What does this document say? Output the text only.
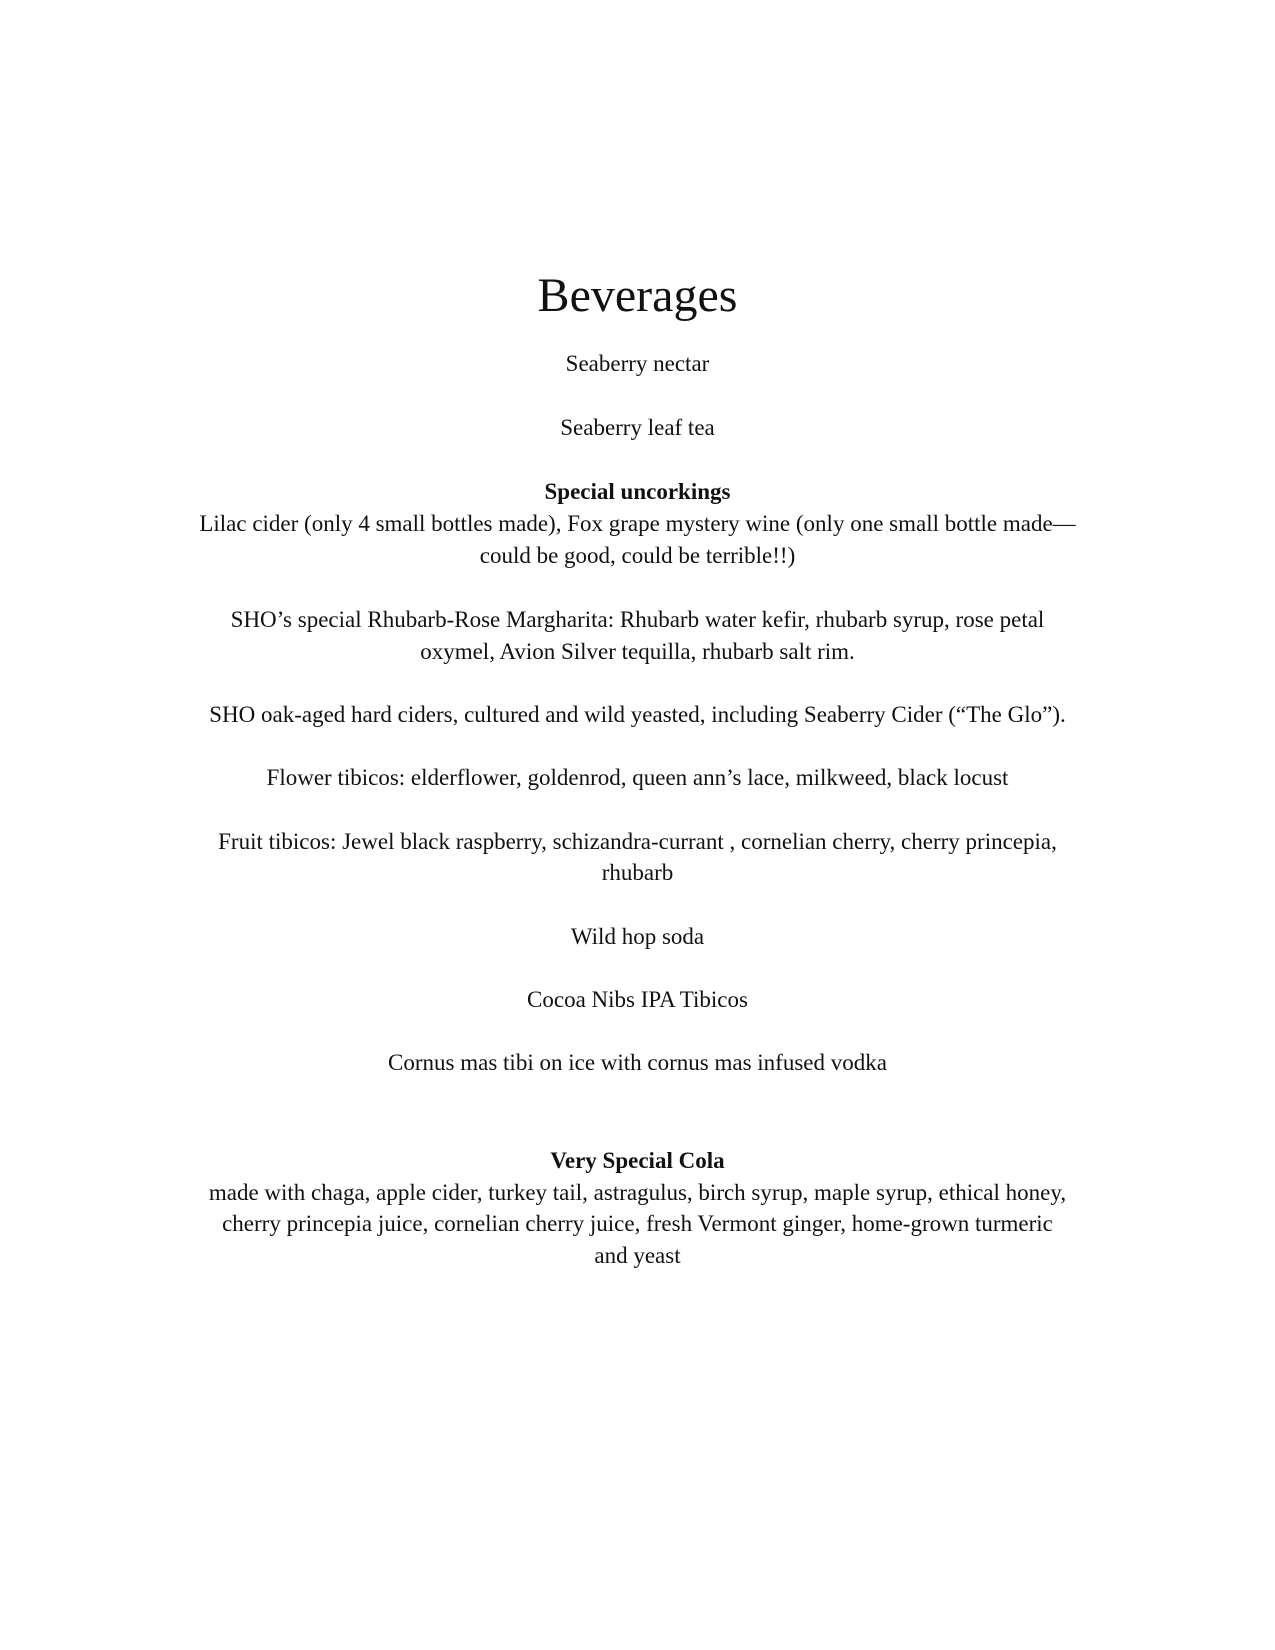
Beverages
Seaberry nectar
Seaberry leaf tea
Special uncorkings
Lilac cider (only 4 small bottles made), Fox grape mystery wine (only one small bottle made—
could be good, could be terrible!!)
SHO’s special Rhubarb-Rose Margharita: Rhubarb water kefir, rhubarb syrup, rose petal
oxymel, Avion Silver tequilla, rhubarb salt rim.
SHO oak-aged hard ciders, cultured and wild yeasted, including Seaberry Cider (“The Glo”).
Flower tibicos: elderflower, goldenrod, queen ann’s lace, milkweed, black locust
Fruit tibicos: Jewel black raspberry, schizandra-currant , cornelian cherry, cherry princepia,
rhubarb
Wild hop soda
Cocoa Nibs IPA Tibicos
Cornus mas tibi on ice with cornus mas infused vodka
Very Special Cola
made with chaga, apple cider, turkey tail, astragulus, birch syrup, maple syrup, ethical honey,
cherry princepia juice, cornelian cherry juice, fresh Vermont ginger, home-grown turmeric
and yeast
